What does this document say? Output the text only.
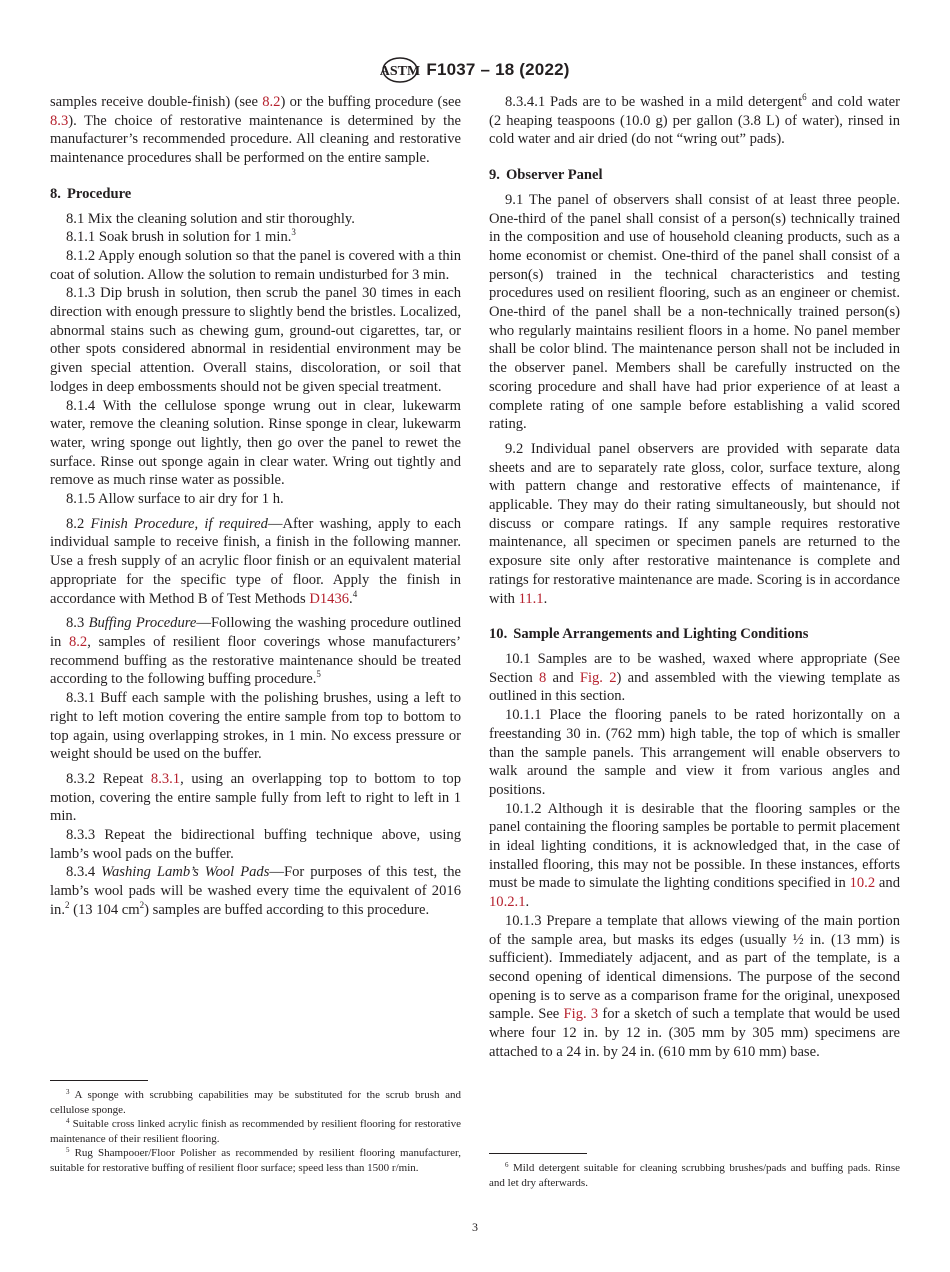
ASTM F1037 – 18 (2022)

samples receive double-finish) (see 8.2) or the buffing procedure (see 8.3). The choice of restorative maintenance is determined by the manufacturer’s recommended procedure. All cleaning and restorative maintenance procedures shall be performed on the entire sample.

8. Procedure

8.1 Mix the cleaning solution and stir thoroughly.

8.1.1 Soak brush in solution for 1 min.$^3$

8.1.2 Apply enough solution so that the panel is covered with a thin coat of solution. Allow the solution to remain undisturbed for 3 min.

8.1.3 Dip brush in solution, then scrub the panel 30 times in each direction with enough pressure to slightly bend the bristles. Localized, abnormal stains such as chewing gum, ground-out cigarettes, tar, or other spots considered abnormal in residential environment may be given special attention. Overall stains, discoloration, or soil that lodges in deep embossments should not be given special treatment.

8.1.4 With the cellulose sponge wrung out in clear, lukewarm water, remove the cleaning solution. Rinse sponge in clear, lukewarm water, wring sponge out lightly, then go over the panel to rewet the surface. Rinse out sponge again in clear water. Wring out tightly and remove as much rinse water as possible.

8.1.5 Allow surface to air dry for 1 h.

8.2 Finish Procedure, if required—After washing, apply to each individual sample to receive finish, a finish in the following manner. Use a fresh supply of an acrylic floor finish or an equivalent material appropriate for the specific type of floor. Apply the finish in accordance with Method B of Test Methods D1436.$^4$

8.3 Buffing Procedure—Following the washing procedure outlined in 8.2, samples of resilient floor coverings whose manufacturers’ recommend buffing as the restorative maintenance should be treated according to the following buffing procedure.$^5$

8.3.1 Buff each sample with the polishing brushes, using a left to right to left motion covering the entire sample from top to bottom to top again, using overlapping strokes, in 1 min. No excess pressure or weight should be used on the buffer.

8.3.2 Repeat 8.3.1, using an overlapping top to bottom to top motion, covering the entire sample fully from left to right to left in 1 min.

8.3.3 Repeat the bidirectional buffing technique above, using lamb’s wool pads on the buffer.

8.3.4 Washing Lamb’s Wool Pads—For purposes of this test, the lamb’s wool pads will be washed every time the equivalent of 2016 in.$^2$ (13 104 $cm^2$) samples are buffed according to this procedure.

$^3$ A sponge with scrubbing capabilities may be substituted for the scrub brush and cellulose sponge.

$^4$ Suitable cross linked acrylic finish as recommended by resilient flooring for restorative maintenance of their resilient flooring.

$^5$ Rug Shampooer/Floor Polisher as recommended by resilient flooring manufacturer, suitable for restorative buffing of resilient floor surface; speed less than 1500 r/min.

8.3.4.1 Pads are to be washed in a mild detergent$^6$ and cold water (2 heaping teaspoons (10.0 g) per gallon (3.8 L) of water), rinsed in cold water and air dried (do not “wring out” pads).

9. Observer Panel

9.1 The panel of observers shall consist of at least three people. One-third of the panel shall consist of a person(s) technically trained in the composition and use of household cleaning products, such as a home economist or chemist. One-third of the panel shall consist of a person(s) trained in the technical characteristics and testing procedures used on resilient flooring, such as an engineer or chemist. One-third of the panel shall be a non-technically trained person(s) who regularly maintains resilient floors in a home. No panel member shall be color blind. The maintenance person shall not be included in the observer panel. Members shall be carefully instructed on the scoring procedure and shall have had prior experience of at least a complete rating of one sample before establishing a valid scored rating.

9.2 Individual panel observers are provided with separate data sheets and are to separately rate gloss, color, surface texture, along with pattern change and restorative effects of maintenance, if applicable. They may do their rating simultaneously, but should not discuss or compare ratings. If any sample requires restorative maintenance, all specimen or specimen panels are returned to the exposure site only after restorative maintenance is complete and ratings for restorative maintenance are made. Scoring is in accordance with 11.1.

10. Sample Arrangements and Lighting Conditions

10.1 Samples are to be washed, waxed where appropriate (See Section 8 and Fig. 2) and assembled with the viewing template as outlined in this section.

10.1.1 Place the flooring panels to be rated horizontally on a freestanding 30 in. (762 mm) high table, the top of which is smaller than the sample panels. This arrangement will enable observers to walk around the sample and view it from various angles and positions.

10.1.2 Although it is desirable that the flooring samples or the panel containing the flooring samples be portable to permit placement in ideal lighting conditions, it is acknowledged that, in the case of installed flooring, this may not be possible. In these instances, efforts must be made to simulate the lighting conditions specified in 10.2 and 10.2.1.

10.1.3 Prepare a template that allows viewing of the main portion of the sample area, but masks its edges (usually ½ in. (13 mm) is sufficient). Immediately adjacent, and as part of the template, is a second opening of identical dimensions. The purpose of the second opening is to serve as a comparison frame for the original, unexposed sample. See Fig. 3 for a sketch of such a template that would be used where four 12 in. by 12 in. (305 mm by 305 mm) specimens are attached to a 24 in. by 24 in. (610 mm by 610 mm) base.

$^6$ Mild detergent suitable for cleaning scrubbing brushes/pads and buffing pads. Rinse and let dry afterwards.

3
